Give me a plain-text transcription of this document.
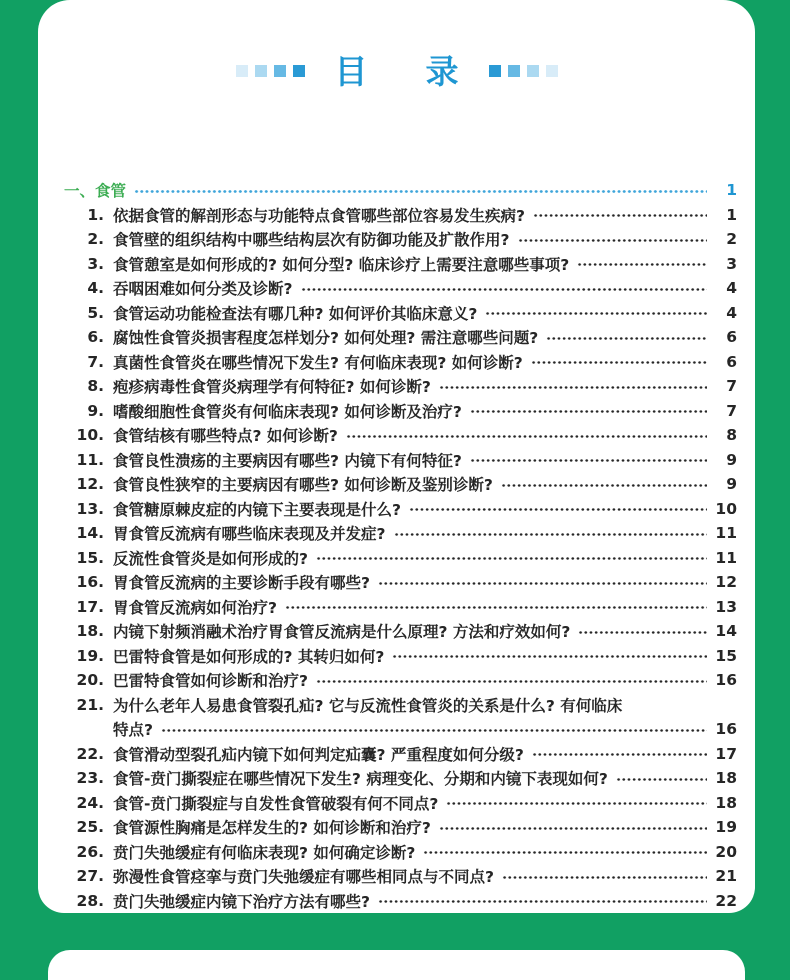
目 录
一、食管	1
1. 依据食管的解剖形态与功能特点食管哪些部位容易发生疾病?	1
2. 食管壁的组织结构中哪些结构层次有防御功能及扩散作用?	2
3. 食管憩室是如何形成的? 如何分型? 临床诊疗上需要注意哪些事项?	3
4. 吞咽困难如何分类及诊断?	4
5. 食管运动功能检查法有哪几种? 如何评价其临床意义?	4
6. 腐蚀性食管炎损害程度怎样划分? 如何处理? 需注意哪些问题?	6
7. 真菌性食管炎在哪些情况下发生? 有何临床表现? 如何诊断?	6
8. 疱疹病毒性食管炎病理学有何特征? 如何诊断?	7
9. 嗜酸细胞性食管炎有何临床表现? 如何诊断及治疗?	7
10. 食管结核有哪些特点? 如何诊断?	8
11. 食管良性溃疡的主要病因有哪些? 内镜下有何特征?	9
12. 食管良性狭窄的主要病因有哪些? 如何诊断及鉴别诊断?	9
13. 食管糖原棘皮症的内镜下主要表现是什么?	10
14. 胃食管反流病有哪些临床表现及并发症?	11
15. 反流性食管炎是如何形成的?	11
16. 胃食管反流病的主要诊断手段有哪些?	12
17. 胃食管反流病如何治疗?	13
18. 内镜下射频消融术治疗胃食管反流病是什么原理? 方法和疗效如何?	14
19. 巴雷特食管是如何形成的? 其转归如何?	15
20. 巴雷特食管如何诊断和治疗?	16
21. 为什么老年人易患食管裂孔疝? 它与反流性食管炎的关系是什么? 有何临床
特点?	16
22. 食管滑动型裂孔疝内镜下如何判定疝囊? 严重程度如何分级?	17
23. 食管-贲门撕裂症在哪些情况下发生? 病理变化、分期和内镜下表现如何?	18
24. 食管-贲门撕裂症与自发性食管破裂有何不同点?	18
25. 食管源性胸痛是怎样发生的? 如何诊断和治疗?	19
26. 贲门失弛缓症有何临床表现? 如何确定诊断?	20
27. 弥漫性食管痉挛与贲门失弛缓症有哪些相同点与不同点?	21
28. 贲门失弛缓症内镜下治疗方法有哪些?	22
